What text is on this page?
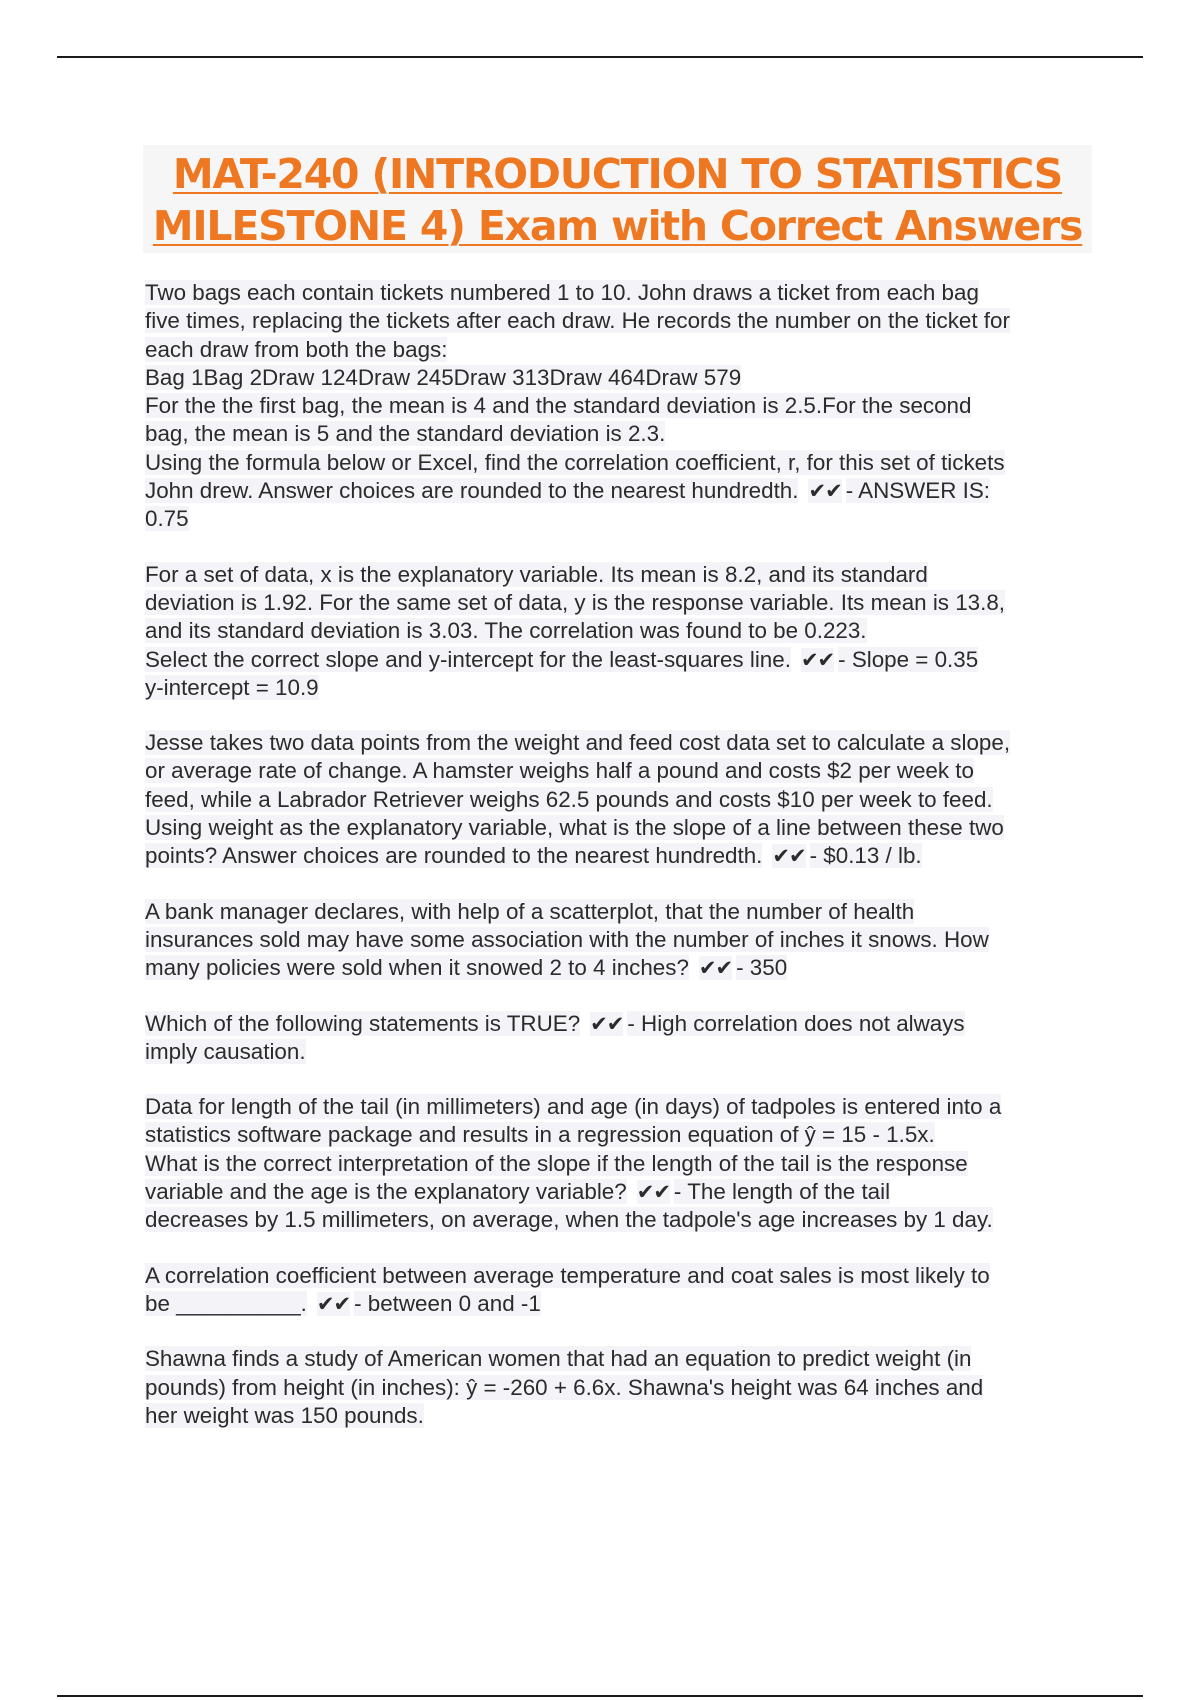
MAT-240 (INTRODUCTION TO STATISTICS
MILESTONE 4) Exam with Correct Answers
Two bags each contain tickets numbered 1 to 10. John draws a ticket from each bag
five times, replacing the tickets after each draw. He records the number on the ticket for
each draw from both the bags:
Bag 1Bag 2Draw 124Draw 245Draw 313Draw 464Draw 579
For the the first bag, the mean is 4 and the standard deviation is 2.5.For the second
bag, the mean is 5 and the standard deviation is 2.3.
Using the formula below or Excel, find the correlation coefficient, r, for this set of tickets
John drew. Answer choices are rounded to the nearest hundredth. ✔✔ - ANSWER IS:
0.75
For a set of data, x is the explanatory variable. Its mean is 8.2, and its standard
deviation is 1.92. For the same set of data, y is the response variable. Its mean is 13.8,
and its standard deviation is 3.03. The correlation was found to be 0.223.
Select the correct slope and y-intercept for the least-squares line. ✔✔ - Slope = 0.35
y-intercept = 10.9
Jesse takes two data points from the weight and feed cost data set to calculate a slope,
or average rate of change. A hamster weighs half a pound and costs $2 per week to
feed, while a Labrador Retriever weighs 62.5 pounds and costs $10 per week to feed.
Using weight as the explanatory variable, what is the slope of a line between these two
points? Answer choices are rounded to the nearest hundredth. ✔✔ - $0.13 / lb.
A bank manager declares, with help of a scatterplot, that the number of health
insurances sold may have some association with the number of inches it snows. How
many policies were sold when it snowed 2 to 4 inches? ✔✔ - 350
Which of the following statements is TRUE? ✔✔ - High correlation does not always
imply causation.
Data for length of the tail (in millimeters) and age (in days) of tadpoles is entered into a
statistics software package and results in a regression equation of ŷ = 15 - 1.5x.
What is the correct interpretation of the slope if the length of the tail is the response
variable and the age is the explanatory variable? ✔✔ - The length of the tail
decreases by 1.5 millimeters, on average, when the tadpole's age increases by 1 day.
A correlation coefficient between average temperature and coat sales is most likely to
be __________. ✔✔ - between 0 and -1
Shawna finds a study of American women that had an equation to predict weight (in
pounds) from height (in inches): ŷ = -260 + 6.6x. Shawna's height was 64 inches and
her weight was 150 pounds.
